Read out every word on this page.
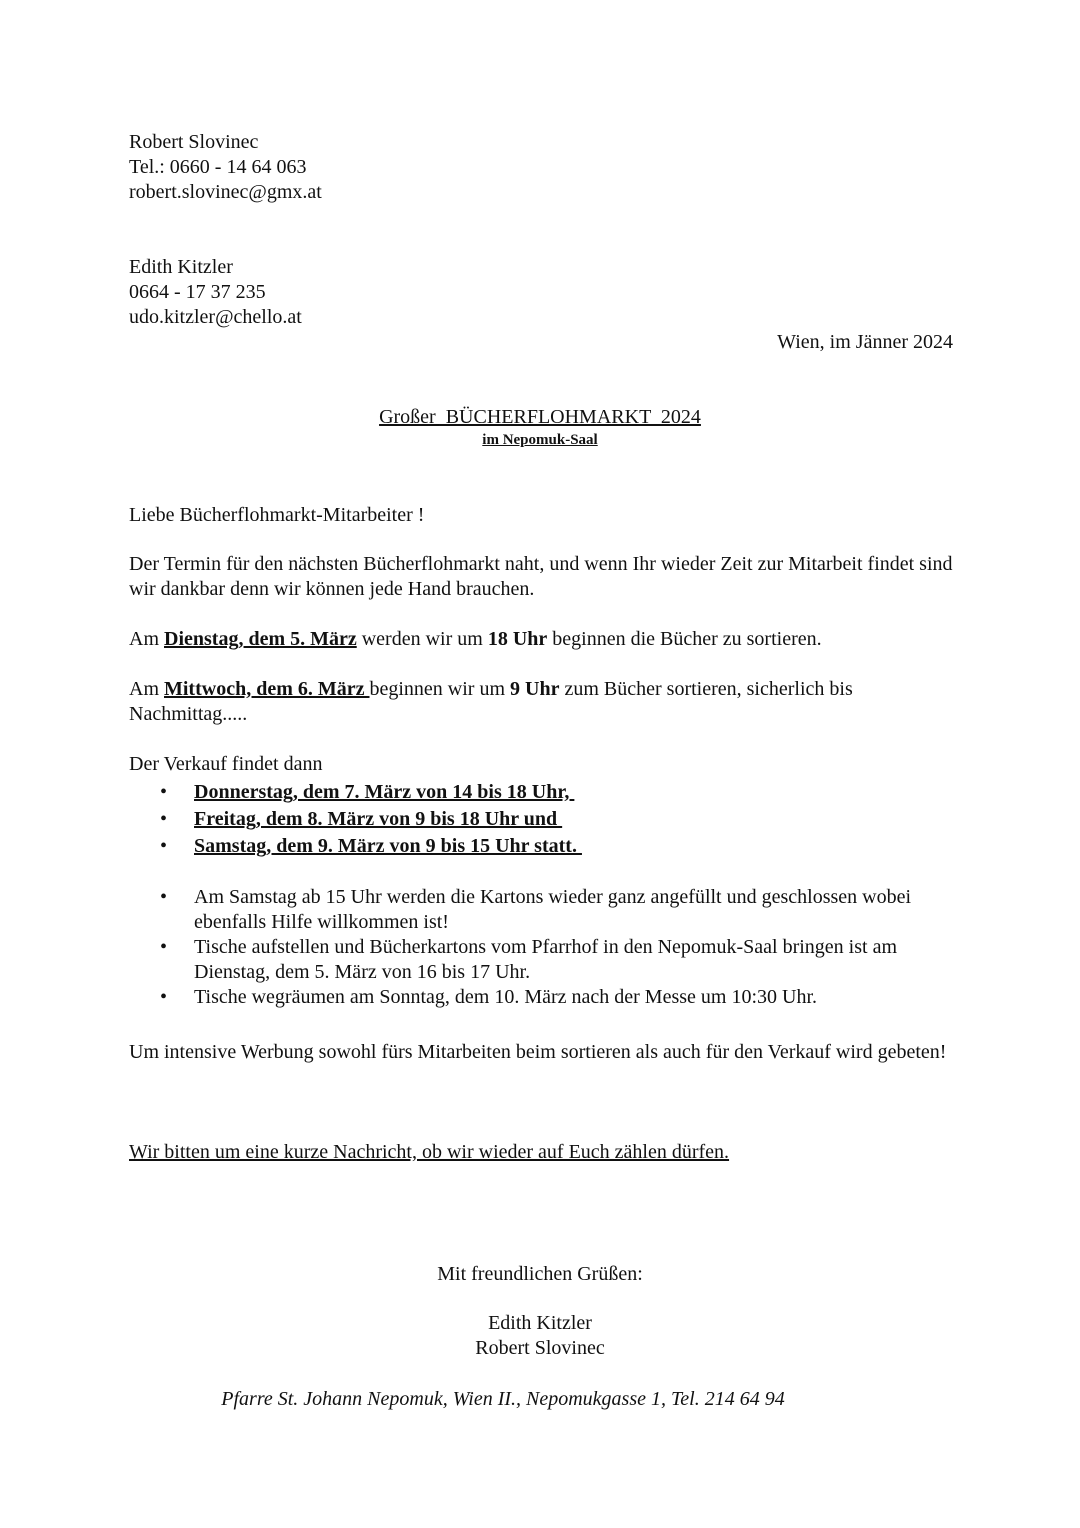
Robert Slovinec
Tel.: 0660 - 14 64 063
robert.slovinec@gmx.at
Edith Kitzler
0664 - 17 37 235
udo.kitzler@chello.at
Wien, im Jänner 2024
Großer  BÜCHERFLOHMARKT  2024
im Nepomuk-Saal
Liebe Bücherflohmarkt-Mitarbeiter !
Der Termin für den nächsten Bücherflohmarkt naht, und wenn Ihr wieder Zeit zur Mitarbeit findet sind wir dankbar denn wir können jede Hand brauchen.
Am Dienstag, dem 5. März werden wir um 18 Uhr beginnen die Bücher zu sortieren.
Am Mittwoch, dem 6. März beginnen wir um 9 Uhr zum Bücher sortieren, sicherlich bis Nachmittag.....
Der Verkauf findet dann
• Donnerstag, dem 7. März von 14 bis 18 Uhr,
• Freitag, dem 8. März von 9 bis 18 Uhr und
• Samstag, dem 9. März von 9 bis 15 Uhr statt.
• Am Samstag ab 15 Uhr werden die Kartons wieder ganz angefüllt und geschlossen wobei ebenfalls Hilfe willkommen ist!
• Tische aufstellen und Bücherkartons vom Pfarrhof in den Nepomuk-Saal bringen ist am Dienstag, dem 5. März von 16 bis 17 Uhr.
• Tische wegräumen am Sonntag, dem 10. März nach der Messe um 10:30 Uhr.
Um intensive Werbung sowohl fürs Mitarbeiten beim sortieren als auch für den Verkauf wird gebeten!
Wir bitten um eine kurze Nachricht, ob wir wieder auf Euch zählen dürfen.
Mit freundlichen Grüßen:
Edith Kitzler
Robert Slovinec
Pfarre St. Johann Nepomuk, Wien II., Nepomukgasse 1, Tel. 214 64 94
